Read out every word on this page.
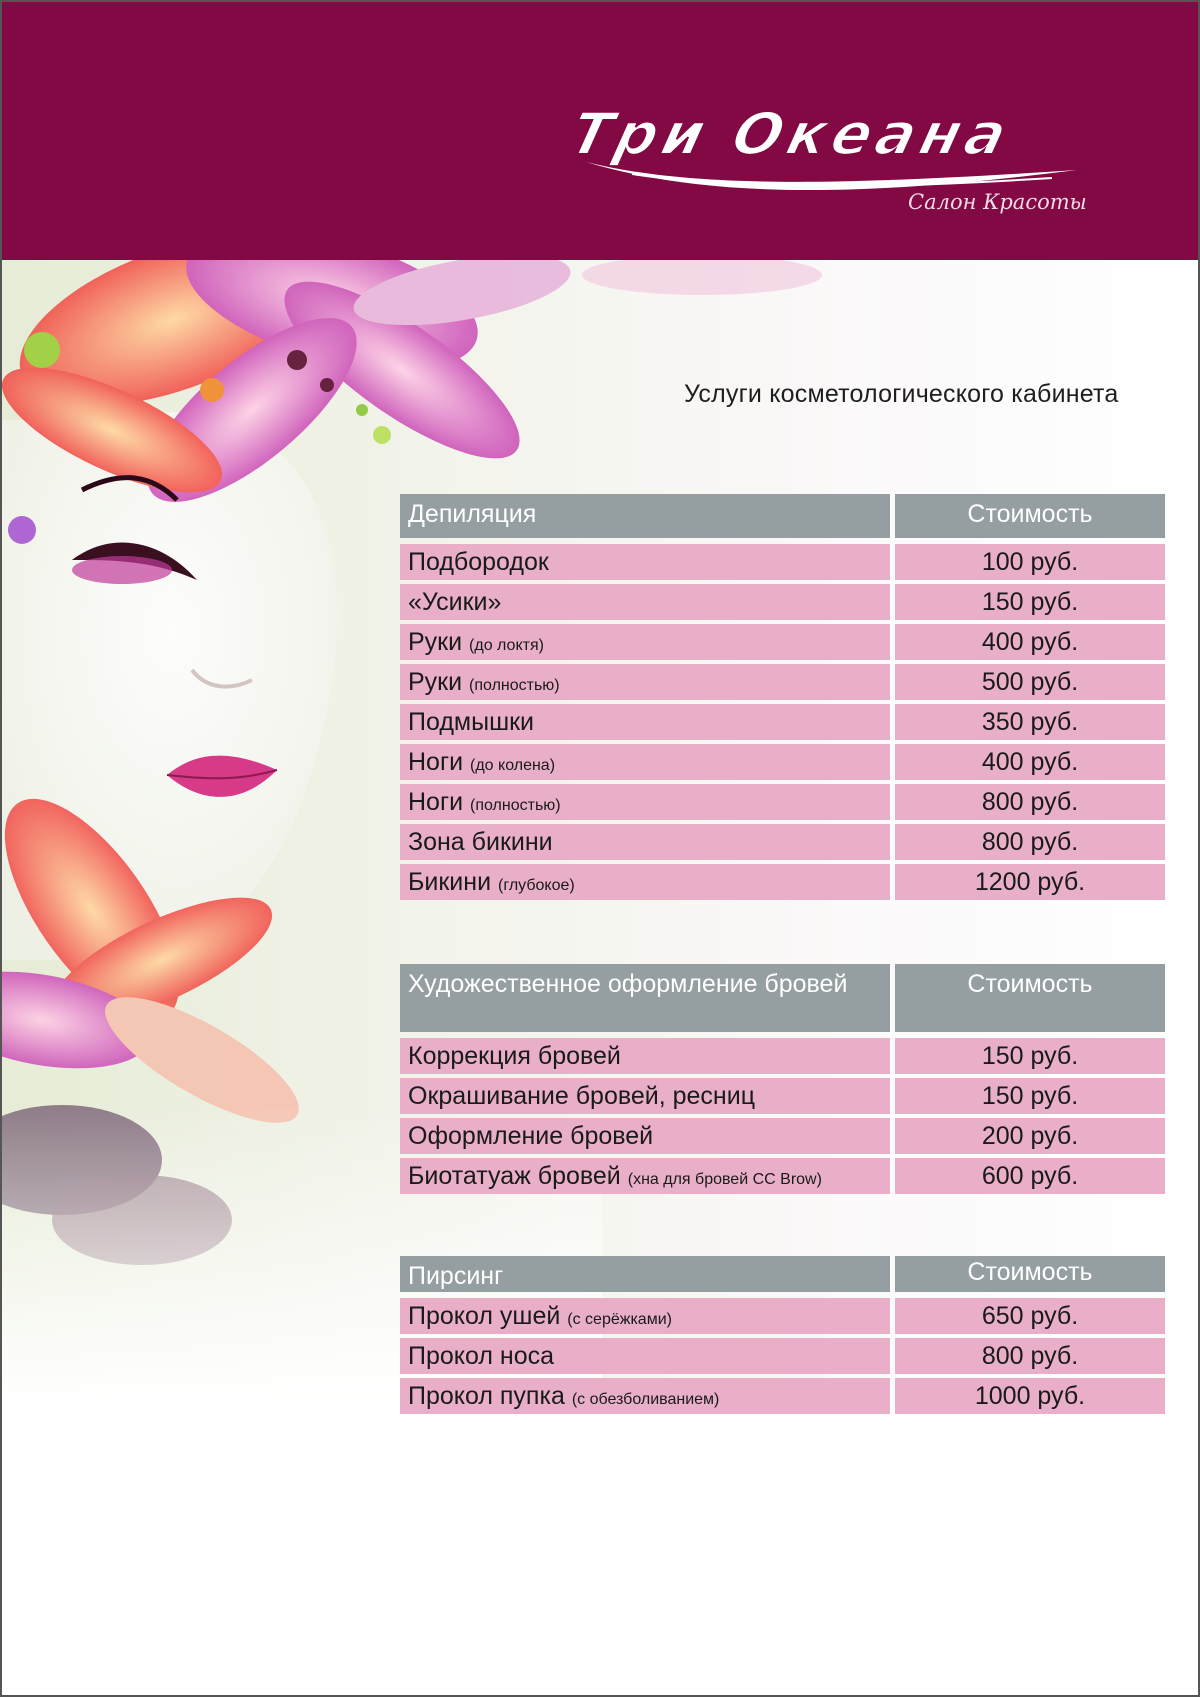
Три Океана
Салон Красоты
Услуги косметологического кабинета
Депиляция	Стоимость
Подбородок	100 руб.
«Усики»	150 руб.
Руки (до локтя)	400 руб.
Руки (полностью)	500 руб.
Подмышки	350 руб.
Ноги (до колена)	400 руб.
Ноги (полностью)	800 руб.
Зона бикини	800 руб.
Бикини (глубокое)	1200 руб.
Художественное оформление бровей	Стоимость
Коррекция бровей	150 руб.
Окрашивание бровей, ресниц	150 руб.
Оформление бровей	200 руб.
Биотатуаж бровей (хна для бровей CC Brow)	600 руб.
Пирсинг	Стоимость
Прокол ушей (с серёжками)	650 руб.
Прокол носа	800 руб.
Прокол пупка (с обезболиванием)	1000 руб.
